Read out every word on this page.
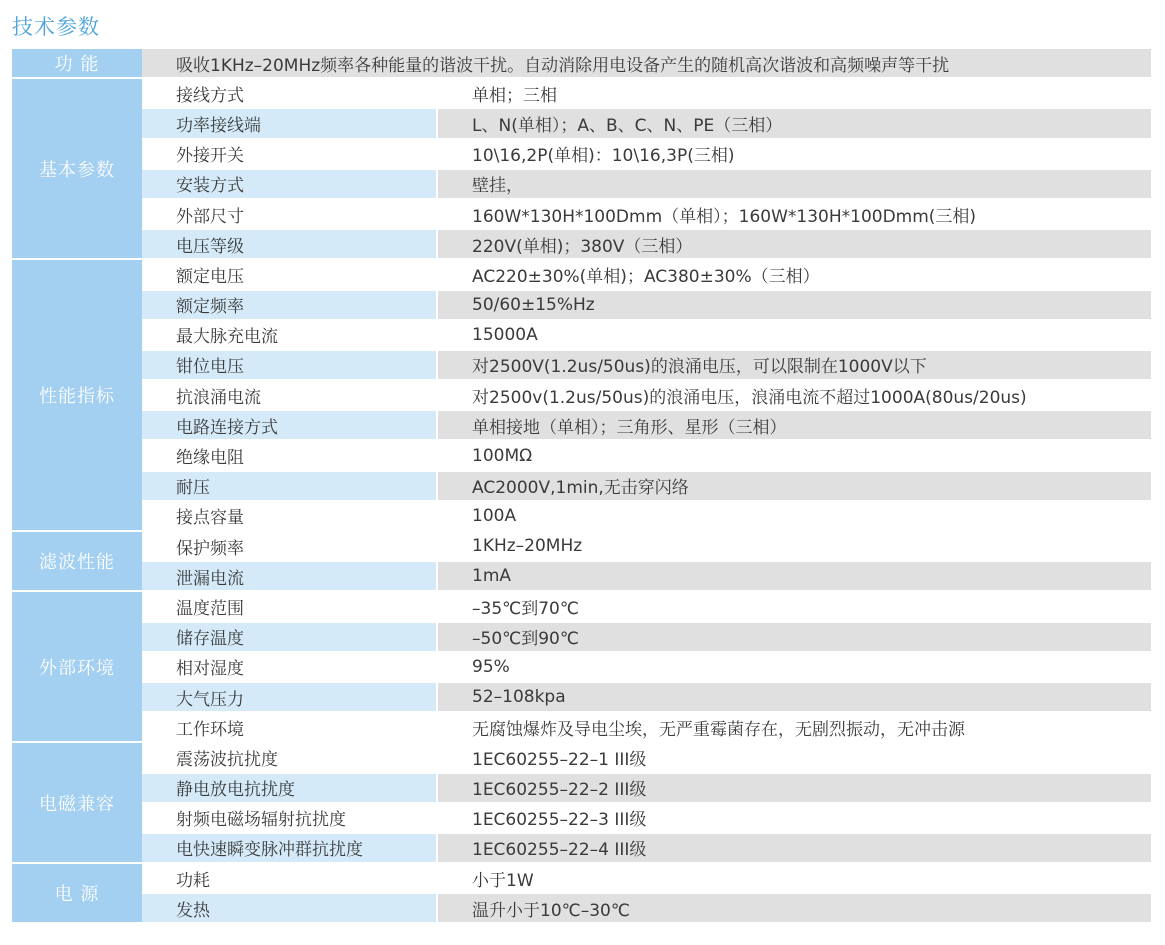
技术参数
功 能	吸收1KHz–20MHz频率各种能量的谐波干扰。自动消除用电设备产生的随机高次谐波和高频噪声等干扰	
基本参数	接线方式	单相；三相
	功率接线端	L、N(单相）；A、B、C、N、PE（三相）
	外接开关	10\16,2P(单相)：10\16,3P(三相)
	安装方式	壁挂，
	外部尺寸	160W*130H*100Dmm（单相）；160W*130H*100Dmm(三相)
	电压等级	220V(单相)；380V（三相）
性能指标	额定电压	AC220±30%(单相)；AC380±30%（三相）
	额定频率	50/60±15%Hz
	最大脉充电流	15000A
	钳位电压	对2500V(1.2us/50us)的浪涌电压，可以限制在1000V以下
	抗浪涌电流	对2500v(1.2us/50us)的浪涌电压，浪涌电流不超过1000A(80us/20us)
	电路连接方式	单相接地（单相）；三角形、星形（三相）
	绝缘电阻	100MΩ
	耐压	AC2000V,1min,无击穿闪络
	接点容量	100A
滤波性能	保护频率	1KHz–20MHz
	泄漏电流	1mA
外部环境	温度范围	–35℃到70℃
	储存温度	–50℃到90℃
	相对湿度	95%
	大气压力	52–108kpa
	工作环境	无腐蚀爆炸及导电尘埃，无严重霉菌存在，无剧烈振动，无冲击源
电磁兼容	震荡波抗扰度	1EC60255–22–1 III级
	静电放电抗扰度	1EC60255–22–2 III级
	射频电磁场辐射抗扰度	1EC60255–22–3 III级
	电快速瞬变脉冲群抗扰度	1EC60255–22–4 III级
电 源	功耗	小于1W
	发热	温升小于10℃–30℃
